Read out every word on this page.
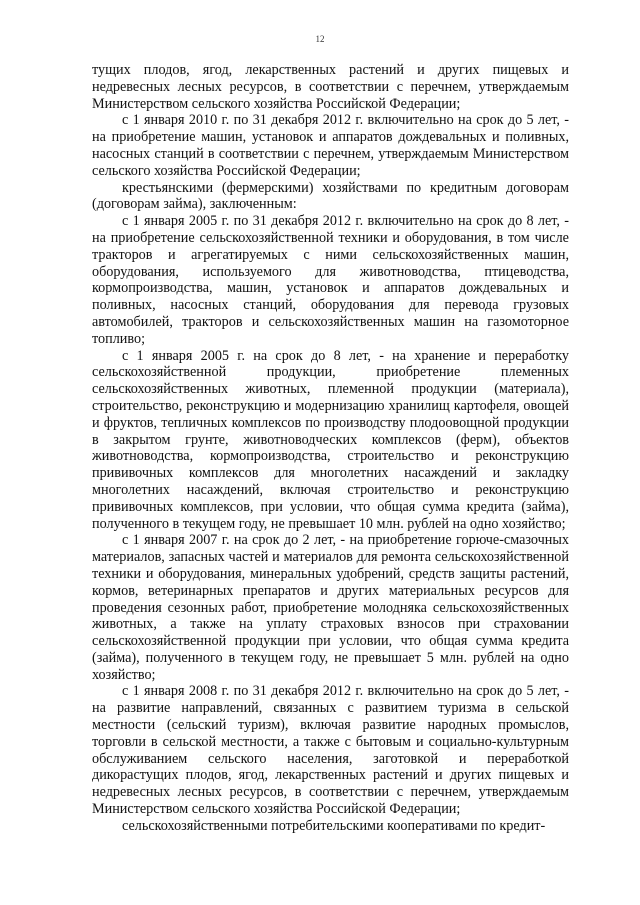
12

тущих плодов, ягод, лекарственных растений и других пищевых и недревесных лесных ресурсов, в соответствии с перечнем, утверждаемым Министерством сельского хозяйства Российской Федерации;

с 1 января 2010 г. по 31 декабря 2012 г. включительно на срок до 5 лет, - на приобретение машин, установок и аппаратов дождевальных и поливных, насосных станций в соответствии с перечнем, утверждаемым Министерством сельского хозяйства Российской Федерации;

крестьянскими (фермерскими) хозяйствами по кредитным договорам (договорам займа), заключенным:

с 1 января 2005 г. по 31 декабря 2012 г. включительно на срок до 8 лет, - на приобретение сельскохозяйственной техники и оборудования, в том числе тракторов и агрегатируемых с ними сельскохозяйственных машин, оборудования, используемого для животноводства, птицеводства, кормопроизводства, машин, установок и аппаратов дождевальных и поливных, насосных станций, оборудования для перевода грузовых автомобилей, тракторов и сельскохозяйственных машин на газомоторное топливо;

с 1 января 2005 г. на срок до 8 лет, - на хранение и переработку сельскохозяйственной продукции, приобретение племенных сельскохозяйственных животных, племенной продукции (материала), строительство, реконструкцию и модернизацию хранилищ картофеля, овощей и фруктов, тепличных комплексов по производству плодоовощной продукции в закрытом грунте, животноводческих комплексов (ферм), объектов животноводства, кормопроизводства, строительство и реконструкцию прививочных комплексов для многолетних насаждений и закладку многолетних насаждений, включая строительство и реконструкцию прививочных комплексов, при условии, что общая сумма кредита (займа), полученного в текущем году, не превышает 10 млн. рублей на одно хозяйство;

с 1 января 2007 г. на срок до 2 лет, - на приобретение горюче-смазочных материалов, запасных частей и материалов для ремонта сельскохозяйственной техники и оборудования, минеральных удобрений, средств защиты растений, кормов, ветеринарных препаратов и других материальных ресурсов для проведения сезонных работ, приобретение молодняка сельскохозяйственных животных, а также на уплату страховых взносов при страховании сельскохозяйственной продукции при условии, что общая сумма кредита (займа), полученного в текущем году, не превышает 5 млн. рублей на одно хозяйство;

с 1 января 2008 г. по 31 декабря 2012 г. включительно на срок до 5 лет, - на развитие направлений, связанных с развитием туризма в сельской местности (сельский туризм), включая развитие народных промыслов, торговли в сельской местности, а также с бытовым и социально-культурным обслуживанием сельского населения, заготовкой и переработкой дикорастущих плодов, ягод, лекарственных растений и других пищевых и недревесных лесных ресурсов, в соответствии с перечнем, утверждаемым Министерством сельского хозяйства Российской Федерации;

сельскохозяйственными потребительскими кооперативами по кредит-
